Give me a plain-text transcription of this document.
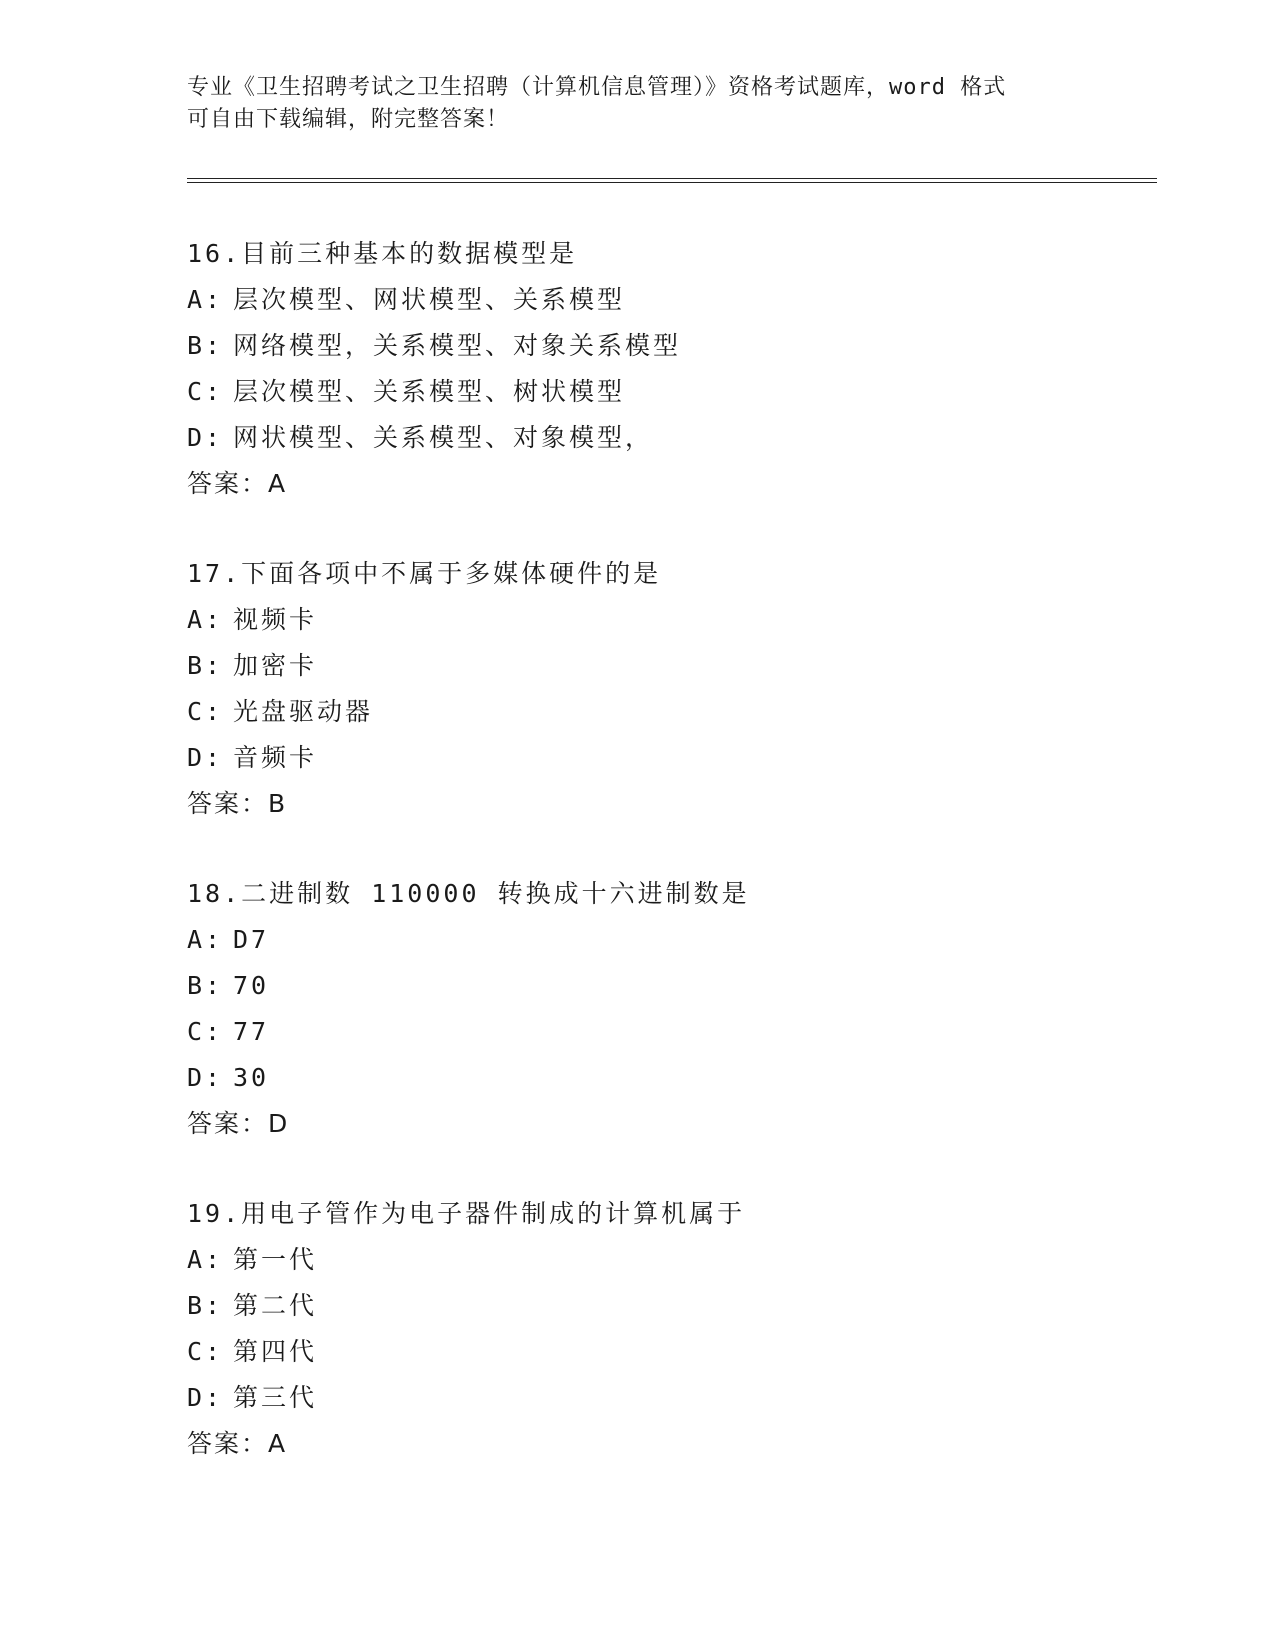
专业《卫生招聘考试之卫生招聘（计算机信息管理）》资格考试题库，word 格式
可自由下载编辑，附完整答案！
16.目前三种基本的数据模型是
A: 层次模型、网状模型、关系模型
B: 网络模型，关系模型、对象关系模型
C: 层次模型、关系模型、树状模型
D: 网状模型、关系模型、对象模型，
答案：A
17.下面各项中不属于多媒体硬件的是
A: 视频卡
B: 加密卡
C: 光盘驱动器
D: 音频卡
答案：B
18.二进制数 110000 转换成十六进制数是
A: D7
B: 70
C: 77
D: 30
答案：D
19.用电子管作为电子器件制成的计算机属于
A: 第一代
B: 第二代
C: 第四代
D: 第三代
答案：A
